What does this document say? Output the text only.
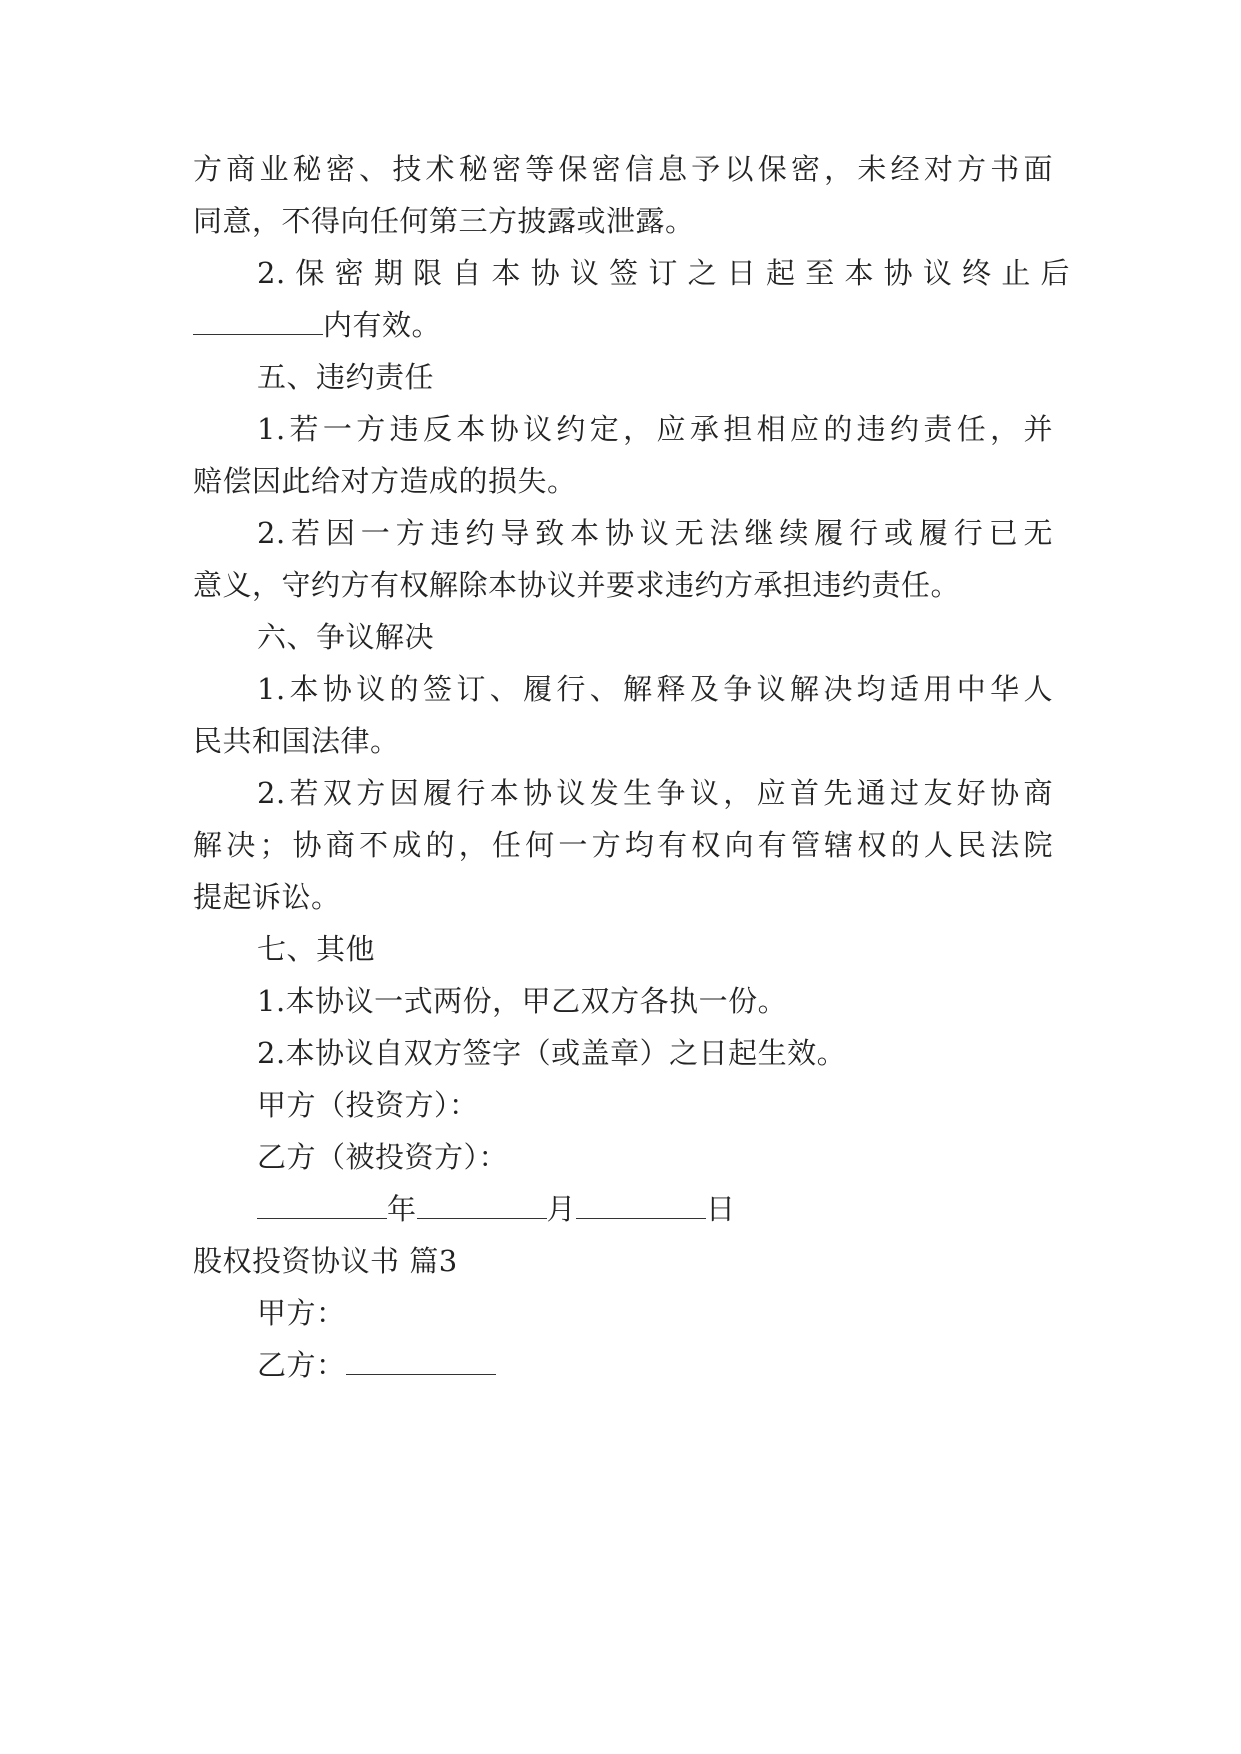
方商业秘密、技术秘密等保密信息予以保密，未经对方书面
同意，不得向任何第三方披露或泄露。
2. 保 密 期 限 自 本 协 议 签 订 之 日 起 至 本 协 议 终 止 后
内有效。
五、违约责任
1.若一方违反本协议约定，应承担相应的违约责任，并
赔偿因此给对方造成的损失。
2.若因一方违约导致本协议无法继续履行或履行已无
意义，守约方有权解除本协议并要求违约方承担违约责任。
六、争议解决
1.本协议的签订、履行、解释及争议解决均适用中华人
民共和国法律。
2.若双方因履行本协议发生争议，应首先通过友好协商
解决；协商不成的，任何一方均有权向有管辖权的人民法院
提起诉讼。
七、其他
1.本协议一式两份，甲乙双方各执一份。
2.本协议自双方签字（或盖章）之日起生效。
甲方（投资方）：
乙方（被投资方）：
年	月	日
股权投资协议书 篇3
甲方：
乙方：
